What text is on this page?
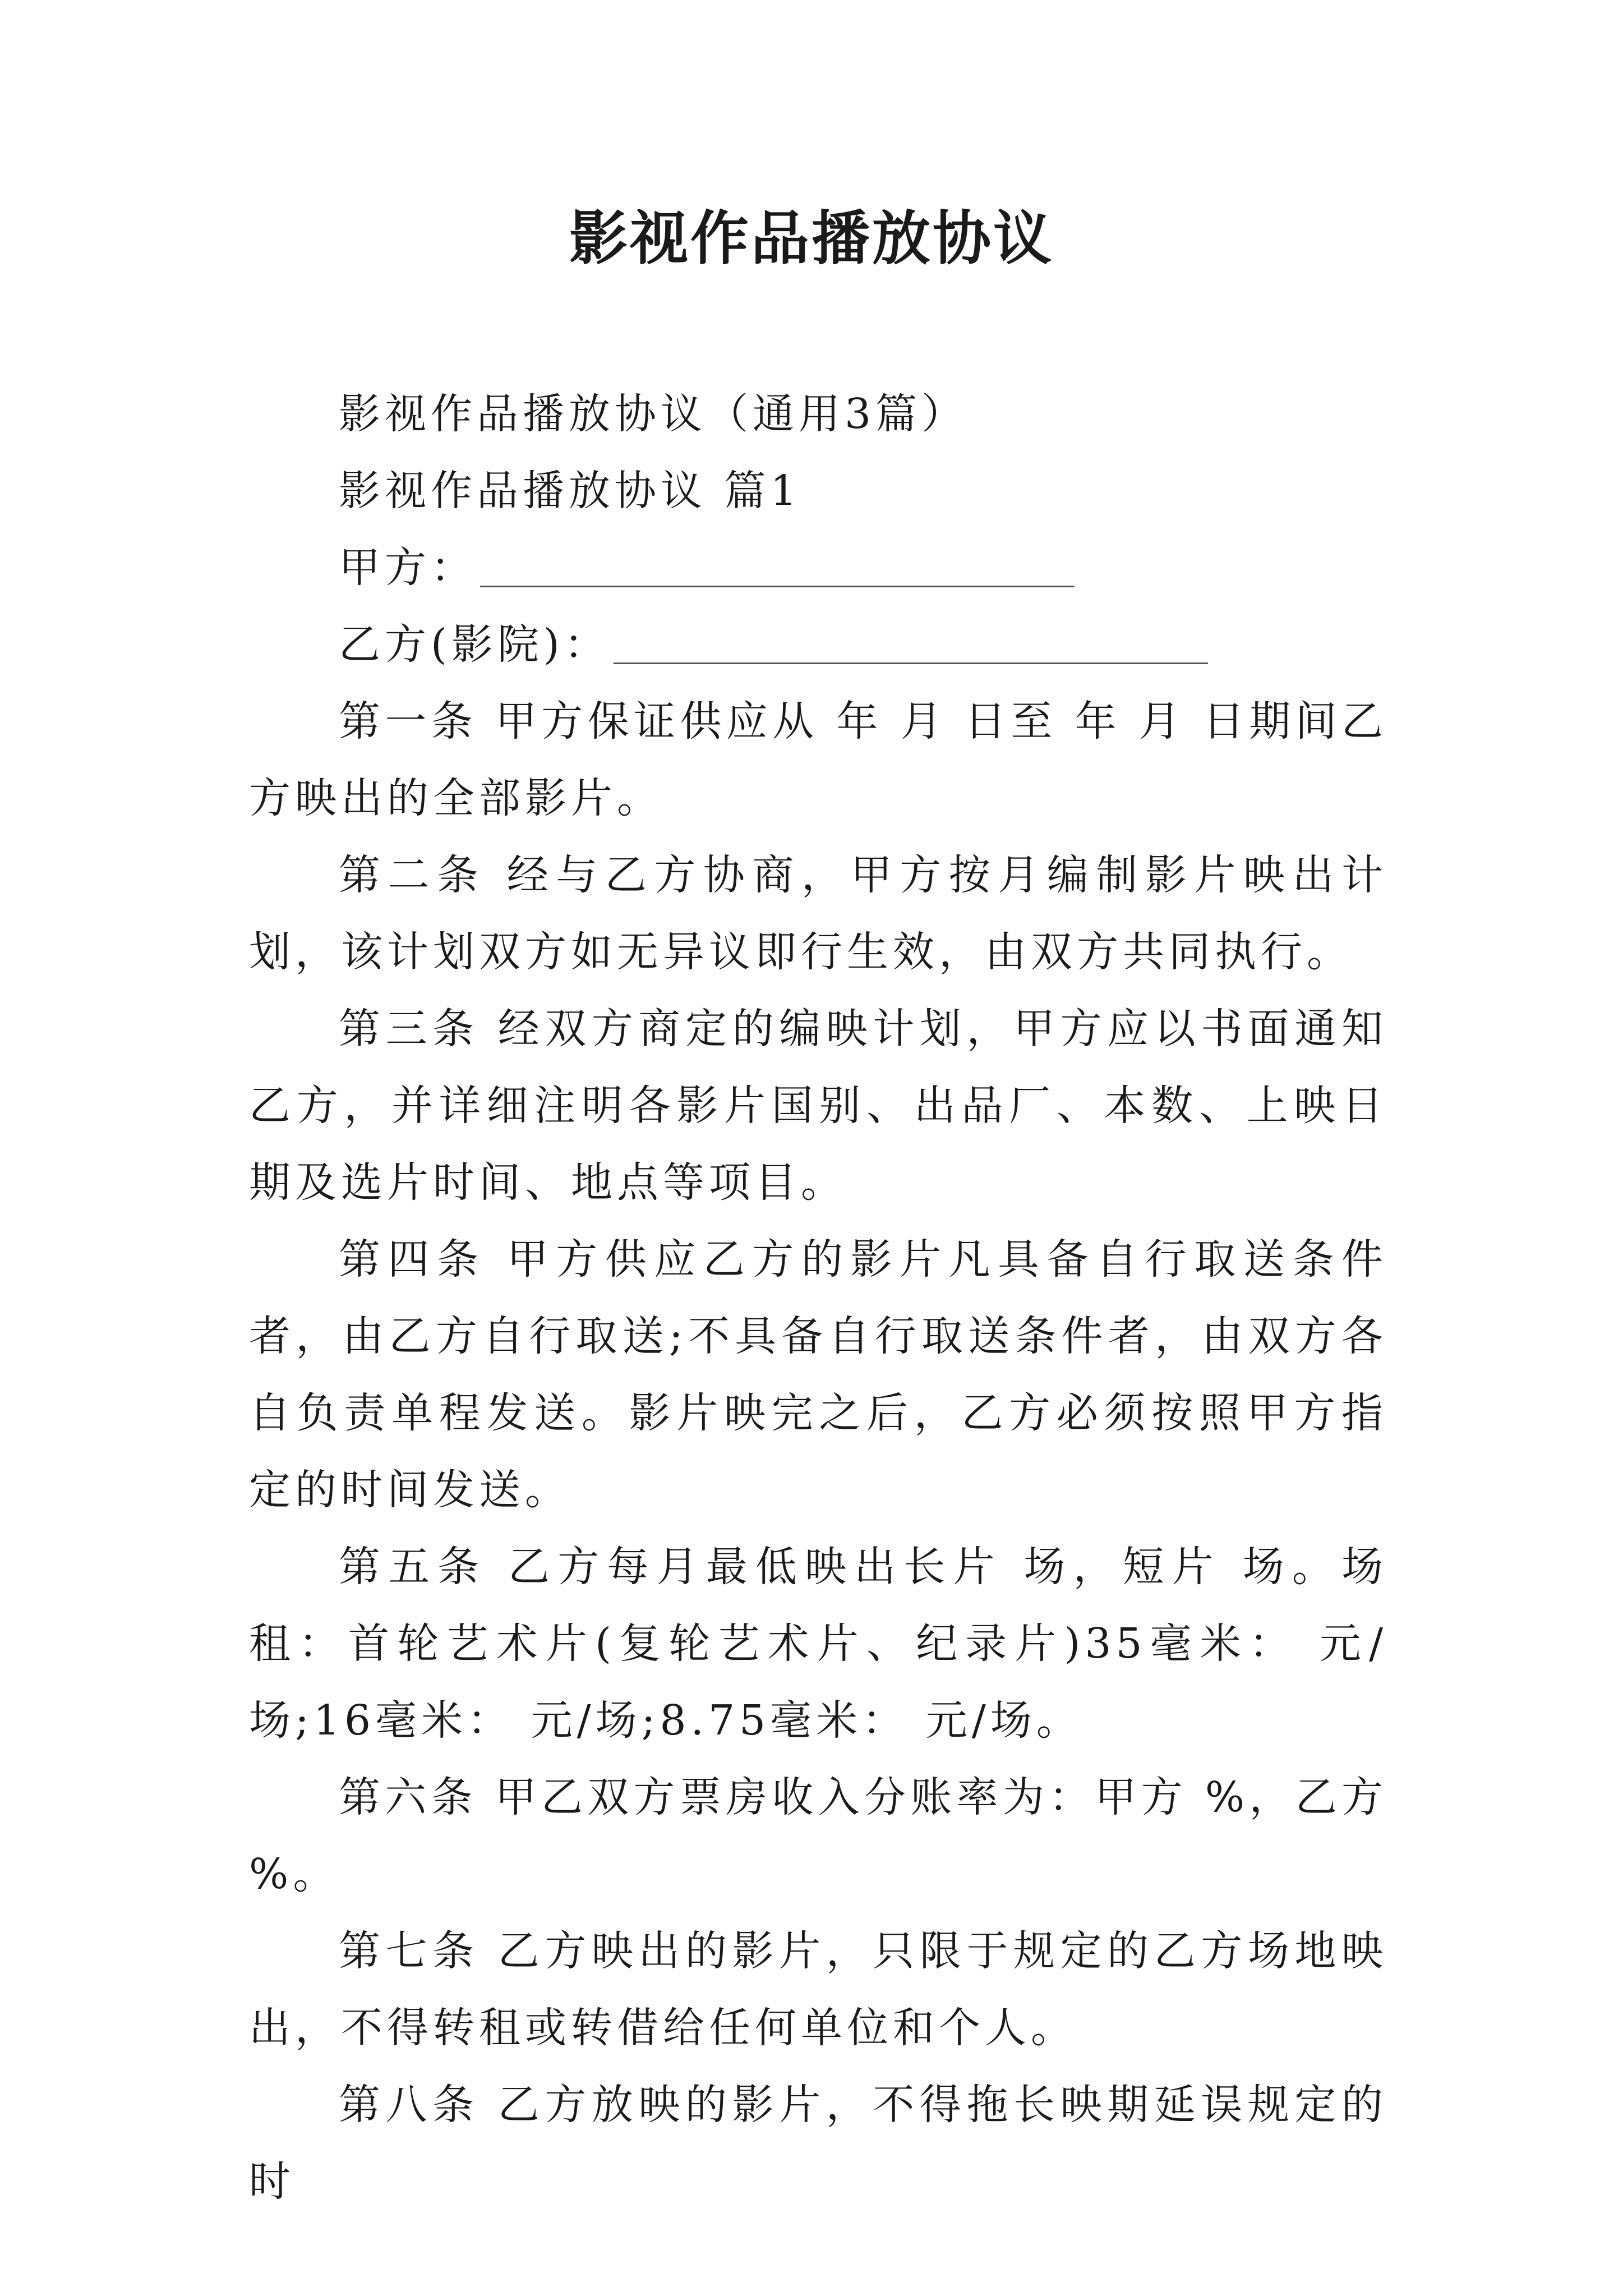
影视作品播放协议

影视作品播放协议（通用3篇）

影视作品播放协议 篇1

甲方：
乙方(影院)：

第一条 甲方保证供应从 年 月 日至 年 月 日期间乙方映出的全部影片。

第二条 经与乙方协商，甲方按月编制影片映出计划，该计划双方如无异议即行生效，由双方共同执行。

第三条 经双方商定的编映计划，甲方应以书面通知乙方，并详细注明各影片国别、出品厂、本数、上映日期及选片时间、地点等项目。

第四条 甲方供应乙方的影片凡具备自行取送条件者，由乙方自行取送;不具备自行取送条件者，由双方各自负责单程发送。影片映完之后，乙方必须按照甲方指定的时间发送。

第五条 乙方每月最低映出长片 场，短片 场。场租：首轮艺术片(复轮艺术片、纪录片)35毫米： 元/场;16毫米： 元/场;8.75毫米： 元/场。

第六条 甲乙双方票房收入分账率为：甲方 %，乙方 %。

第七条 乙方映出的影片，只限于规定的乙方场地映出，不得转租或转借给任何单位和个人。

第八条 乙方放映的影片，不得拖长映期延误规定的时
